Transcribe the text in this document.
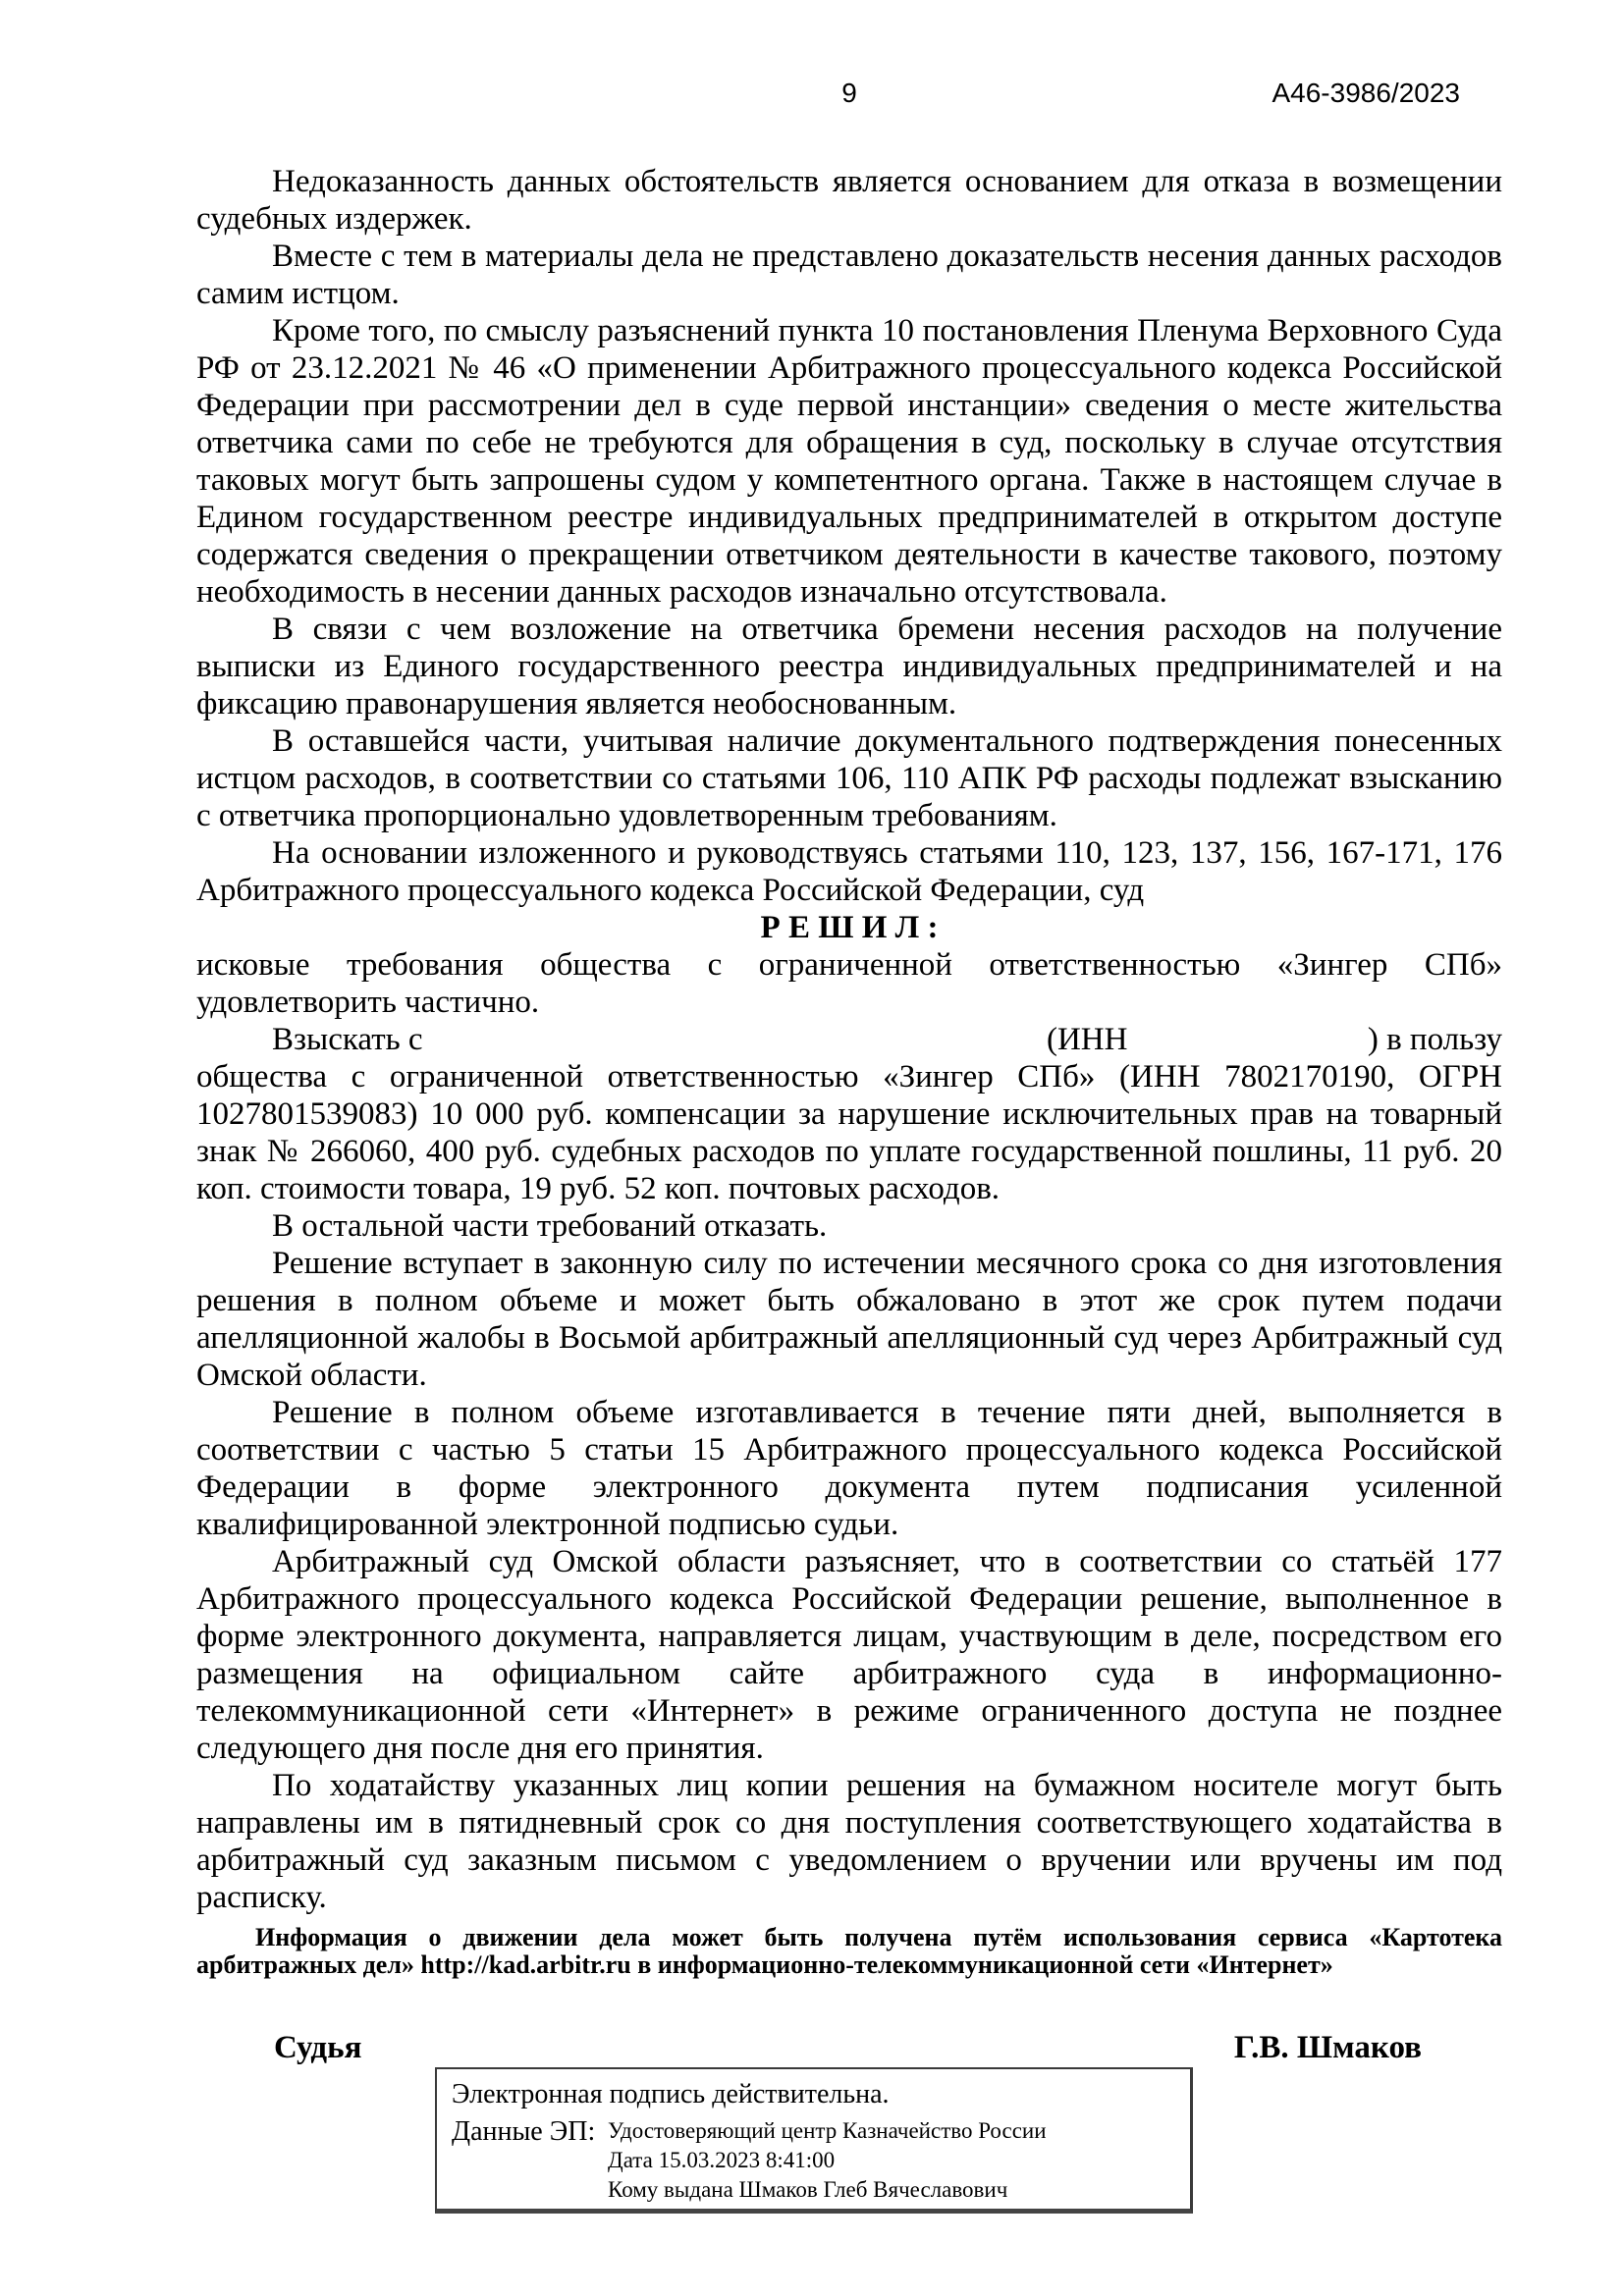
9	А46-3986/2023

Недоказанность данных обстоятельств является основанием для отказа в возмещении судебных издержек.

Вместе с тем в материалы дела не представлено доказательств несения данных расходов самим истцом.

Кроме того, по смыслу разъяснений пункта 10 постановления Пленума Верховного Суда РФ от 23.12.2021 № 46 «О применении Арбитражного процессуального кодекса Российской Федерации при рассмотрении дел в суде первой инстанции» сведения о месте жительства ответчика сами по себе не требуются для обращения в суд, поскольку в случае отсутствия таковых могут быть запрошены судом у компетентного органа. Также в настоящем случае в Едином государственном реестре индивидуальных предпринимателей в открытом доступе содержатся сведения о прекращении ответчиком деятельности в качестве такового, поэтому необходимость в несении данных расходов изначально отсутствовала.

В связи с чем возложение на ответчика бремени несения расходов на получение выписки из Единого государственного реестра индивидуальных предпринимателей и на фиксацию правонарушения является необоснованным.

В оставшейся части, учитывая наличие документального подтверждения понесенных истцом расходов, в соответствии со статьями 106, 110 АПК РФ расходы подлежат взысканию с ответчика пропорционально удовлетворенным требованиям.

На основании изложенного и руководствуясь статьями 110, 123, 137, 156, 167-171, 176 Арбитражного процессуального кодекса Российской Федерации, суд

Р Е Ш И Л :

исковые требования общества с ограниченной ответственностью «Зингер СПб» удовлетворить частично.

Взыскать с	(ИНН	) в пользу

общества с ограниченной ответственностью «Зингер СПб» (ИНН 7802170190, ОГРН 1027801539083) 10 000 руб. компенсации за нарушение исключительных прав на товарный знак № 266060, 400 руб. судебных расходов по уплате государственной пошлины, 11 руб. 20 коп. стоимости товара, 19 руб. 52 коп. почтовых расходов.

В остальной части требований отказать.

Решение вступает в законную силу по истечении месячного срока со дня изготовления решения в полном объеме и может быть обжаловано в этот же срок путем подачи апелляционной жалобы в Восьмой арбитражный апелляционный суд через Арбитражный суд Омской области.

Решение в полном объеме изготавливается в течение пяти дней, выполняется в соответствии с частью 5 статьи 15 Арбитражного процессуального кодекса Российской Федерации в форме электронного документа путем подписания усиленной квалифицированной электронной подписью судьи.

Арбитражный суд Омской области разъясняет, что в соответствии со статьёй 177 Арбитражного процессуального кодекса Российской Федерации решение, выполненное в форме электронного документа, направляется лицам, участвующим в деле, посредством его размещения на официальном сайте арбитражного суда в информационно-телекоммуникационной сети «Интернет» в режиме ограниченного доступа не позднее следующего дня после дня его принятия.

По ходатайству указанных лиц копии решения на бумажном носителе могут быть направлены им в пятидневный срок со дня поступления соответствующего ходатайства в арбитражный суд заказным письмом с уведомлением о вручении или вручены им под расписку.

Информация о движении дела может быть получена путём использования сервиса «Картотека арбитражных дел» http://kad.arbitr.ru в информационно-телекоммуникационной сети «Интернет»
Судья	Г.В. Шмаков
Электронная подпись действительна.
Данные ЭП: Удостоверяющий центр Казначейство России
Дата 15.03.2023 8:41:00
Кому выдана Шмаков Глеб Вячеславович
